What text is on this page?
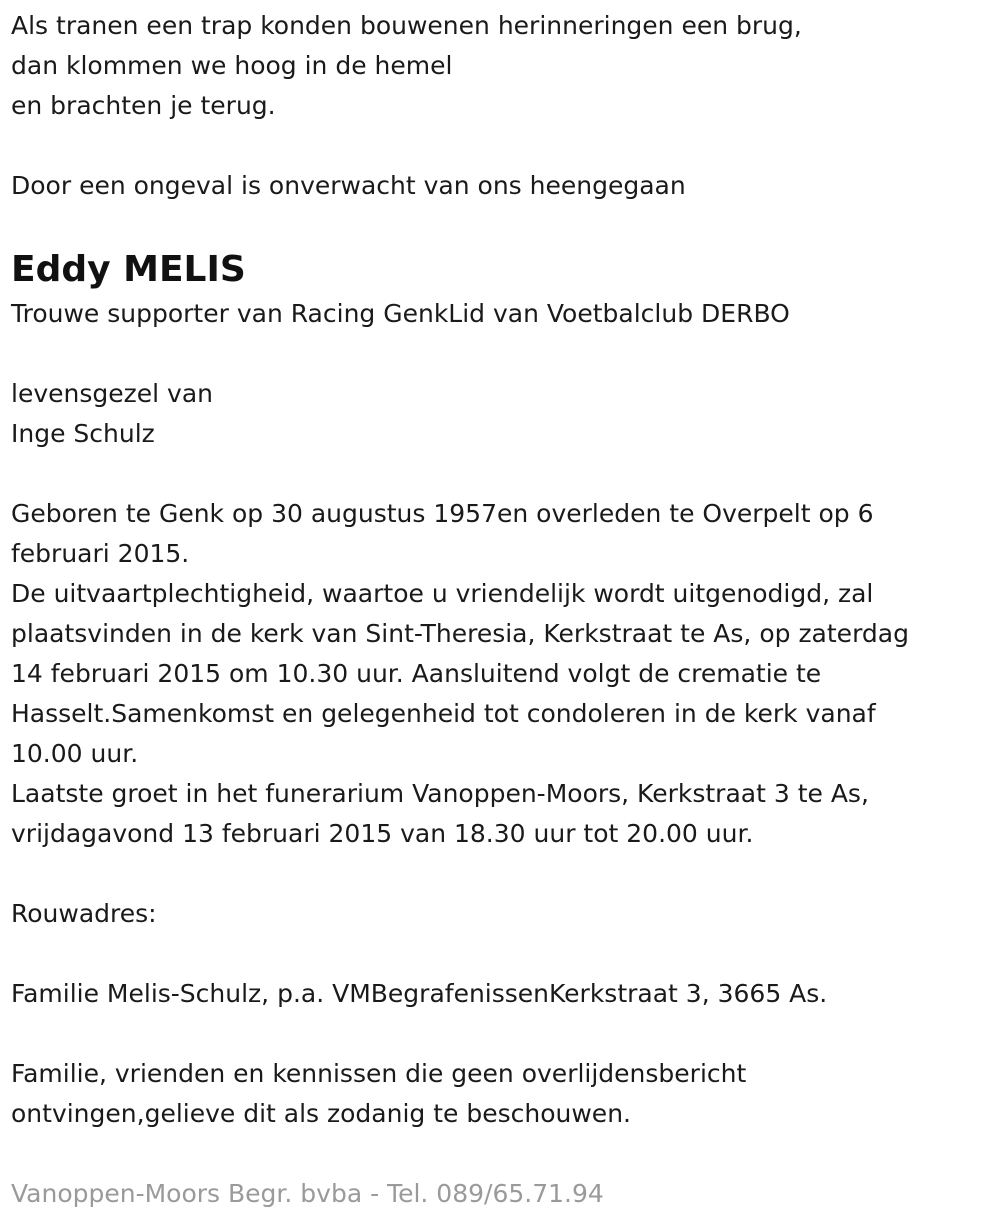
Als tranen een trap konden bouwenen herinneringen een brug,

dan klommen we hoog in de hemel

en brachten je terug.

Door een ongeval is onverwacht van ons heengegaan

Eddy MELIS

Trouwe supporter van Racing GenkLid van Voetbalclub DERBO

levensgezel van

Inge Schulz

Geboren te Genk op 30 augustus 1957en overleden te Overpelt op 6

februari 2015.

De uitvaartplechtigheid, waartoe u vriendelijk wordt uitgenodigd, zal

plaatsvinden in de kerk van Sint-Theresia, Kerkstraat te As, op zaterdag

14 februari 2015 om 10.30 uur. Aansluitend volgt de crematie te

Hasselt.Samenkomst en gelegenheid tot condoleren in de kerk vanaf

10.00 uur.

Laatste groet in het funerarium Vanoppen-Moors, Kerkstraat 3 te As,

vrijdagavond 13 februari 2015 van 18.30 uur tot 20.00 uur.

Rouwadres:

Familie Melis-Schulz, p.a. VMBegrafenissenKerkstraat 3, 3665 As.

Familie, vrienden en kennissen die geen overlijdensbericht

ontvingen,gelieve dit als zodanig te beschouwen.

Vanoppen-Moors Begr. bvba - Tel. 089/65.71.94
